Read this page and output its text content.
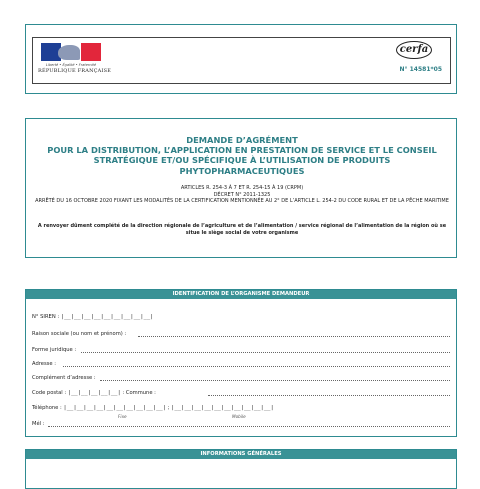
Liberté • Égalité • Fraternité
RÉPUBLIQUE FRANÇAISE
cerfa
N° 14581*05
DEMANDE D’AGRÉMENT
POUR LA DISTRIBUTION, L’APPLICATION EN PRESTATION DE SERVICE ET LE CONSEIL
STRATÉGIQUE ET/OU SPÉCIFIQUE À L’UTILISATION DE PRODUITS
PHYTOPHARMACEUTIQUES
ARTICLES R. 254-3 À 7 ET R. 254-15 À 19 (CRPM)
DÉCRET N° 2011-1325
ARRÊTÉ DU 16 OCTOBRE 2020 FIXANT LES MODALITÉS DE LA CERTIFICATION MENTIONNÉE AU 2° DE L’ARTICLE L. 254-2 DU CODE RURAL ET DE LA PÊCHE MARITIME
A renvoyer dûment complété de la direction régionale de l’agriculture et de l’alimentation / service régional de l’alimentation de la région où se situe le siège social de votre organisme
IDENTIFICATION DE L’ORGANISME DEMANDEUR
N° SIREN : |__|__|__|__|__|__|__|__|__|
Raison sociale (ou nom et prénom) :
Forme juridique :
Adresse :
Complément d’adresse :
Code postal : |__|__|__|__|__| : Commune :
Téléphone : |__|__|__|__|__|__|__|__|__|__| ; |__|__|__|__|__|__|__|__|__|__|
Fixe	Mobile
Mél :
INFORMATIONS GÉNÉRALES
